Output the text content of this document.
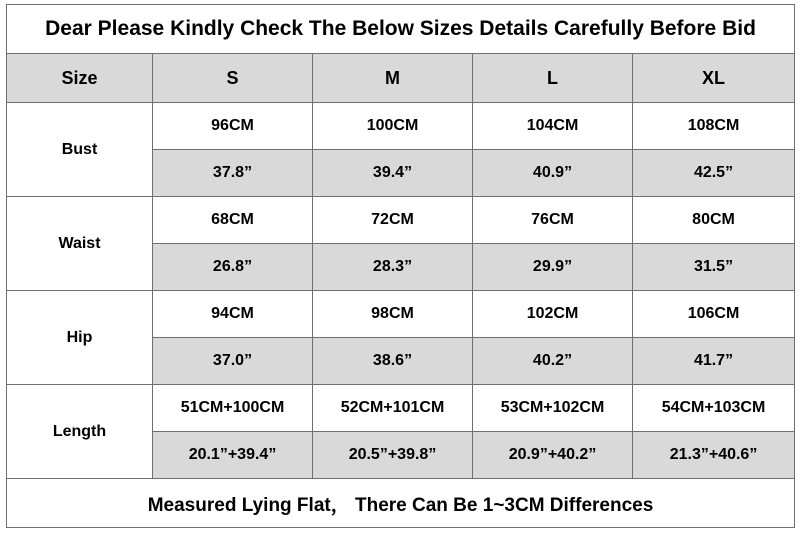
Dear Please Kindly Check The Below Sizes Details Carefully Before Bid				
Size	S	M	L	XL
Bust	96CM	100CM	104CM	108CM
	37.8”	39.4”	40.9”	42.5”
Waist	68CM	72CM	76CM	80CM
	26.8”	28.3”	29.9”	31.5”
Hip	94CM	98CM	102CM	106CM
	37.0”	38.6”	40.2”	41.7”
Length	51CM+100CM	52CM+101CM	53CM+102CM	54CM+103CM
	20.1”+39.4”	20.5”+39.8”	20.9”+40.2”	21.3”+40.6”
Measured Lying Flat， There Can Be 1~3CM Differences				
